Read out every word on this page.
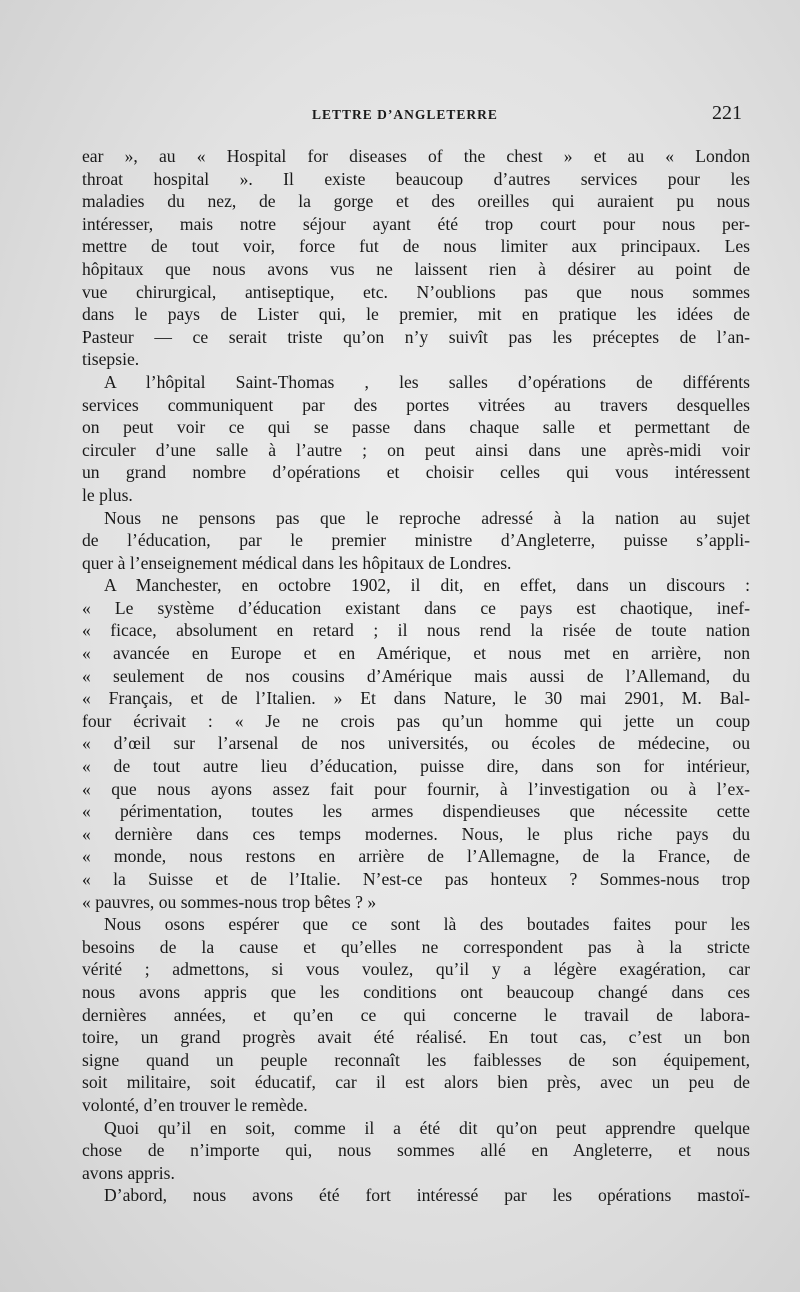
LETTRE D’ANGLETERRE	221
ear », au « Hospital for diseases of the chest » et au « London
throat hospital ». Il existe beaucoup d’autres services pour les
maladies du nez, de la gorge et des oreilles qui auraient pu nous
intéresser, mais notre séjour ayant été trop court pour nous per-
mettre de tout voir, force fut de nous limiter aux principaux. Les
hôpitaux que nous avons vus ne laissent rien à désirer au point de
vue chirurgical, antiseptique, etc. N’oublions pas que nous sommes
dans le pays de Lister qui, le premier, mit en pratique les idées de
Pasteur — ce serait triste qu’on n’y suivît pas les préceptes de l’an-
tisepsie.
A l’hôpital Saint-Thomas , les salles d’opérations de différents
services communiquent par des portes vitrées au travers desquelles
on peut voir ce qui se passe dans chaque salle et permettant de
circuler d’une salle à l’autre ; on peut ainsi dans une après-midi voir
un grand nombre d’opérations et choisir celles qui vous intéressent
le plus.
Nous ne pensons pas que le reproche adressé à la nation au sujet
de l’éducation, par le premier ministre d’Angleterre, puisse s’appli-
quer à l’enseignement médical dans les hôpitaux de Londres.
A Manchester, en octobre 1902, il dit, en effet, dans un discours :
« Le système d’éducation existant dans ce pays est chaotique, inef-
« ficace, absolument en retard ; il nous rend la risée de toute nation
« avancée en Europe et en Amérique, et nous met en arrière, non
« seulement de nos cousins d’Amérique mais aussi de l’Allemand, du
« Français, et de l’Italien. » Et dans Nature, le 30 mai 2901, M. Bal-
four écrivait : « Je ne crois pas qu’un homme qui jette un coup
« d’œil sur l’arsenal de nos universités, ou écoles de médecine, ou
« de tout autre lieu d’éducation, puisse dire, dans son for intérieur,
« que nous ayons assez fait pour fournir, à l’investigation ou à l’ex-
« périmentation, toutes les armes dispendieuses que nécessite cette
« dernière dans ces temps modernes. Nous, le plus riche pays du
« monde, nous restons en arrière de l’Allemagne, de la France, de
« la Suisse et de l’Italie. N’est-ce pas honteux ? Sommes-nous trop
« pauvres, ou sommes-nous trop bêtes ? »
Nous osons espérer que ce sont là des boutades faites pour les
besoins de la cause et qu’elles ne correspondent pas à la stricte
vérité ; admettons, si vous voulez, qu’il y a légère exagération, car
nous avons appris que les conditions ont beaucoup changé dans ces
dernières années, et qu’en ce qui concerne le travail de labora-
toire, un grand progrès avait été réalisé. En tout cas, c’est un bon
signe quand un peuple reconnaît les faiblesses de son équipement,
soit militaire, soit éducatif, car il est alors bien près, avec un peu de
volonté, d’en trouver le remède.
Quoi qu’il en soit, comme il a été dit qu’on peut apprendre quelque
chose de n’importe qui, nous sommes allé en Angleterre, et nous
avons appris.
D’abord, nous avons été fort intéressé par les opérations mastoï-
